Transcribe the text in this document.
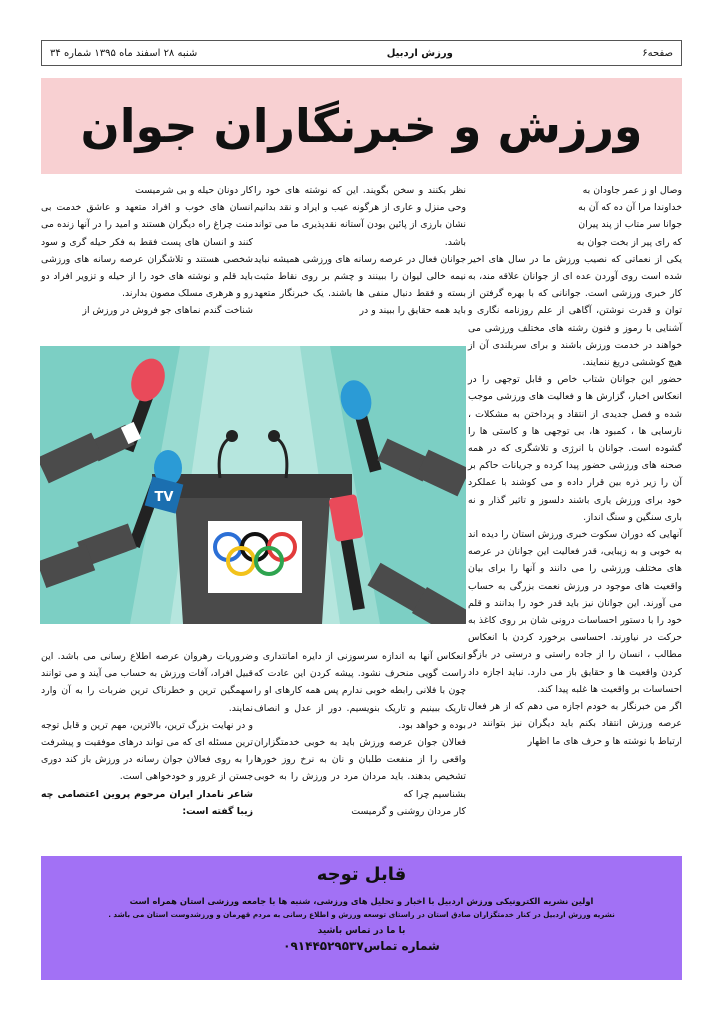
صفحه۶
ورزش اردبیل
شنبه ۲۸ اسفند ماه ۱۳۹۵ شماره ۳۴
ورزش و خبرنگاران جوان

وصال او ز عمر جاودان به

خداوندا مرا آن ده که آن به

جوانا سر متاب از پند پیران

که رای پیر از بخت جوان به

یکی از نعماتی که نصیب ورزش ما در سال های اخیر شده است روی آوردن عده ای از جوانان علاقه مند، به کار خبری ورزشی است. جوانانی که با بهره گرفتن از توان و قدرت نوشتن، آگاهی از علم روزنامه نگاری و آشنایی با رموز و فنون رشته های مختلف ورزشی می خواهند در خدمت ورزش باشند و برای سربلندی آن از هیچ کوششی دریغ ننمایند.

حضور این جوانان شتاب خاص و قابل توجهی را در انعکاس اخبار، گزارش ها و فعالیت های ورزشی موجب شده و فصل جدیدی از انتقاد و پرداختن به مشکلات ، نارسایی ها ، کمبود ها، بی توجهی ها و کاستی ها را گشوده است. جوانان با انرژی و تلاشگری که در همه صحنه های ورزشی حضور پیدا کرده و جریانات حاکم بر آن را زیر ذره بین قرار داده و می کوشند با عملکرد خود برای ورزش یاری باشند دلسوز و تاثیر گذار و نه باری سنگین و سنگ انداز.

آنهایی که دوران سکوت خبری ورزش استان را دیده اند به خوبی و به زیبایی، قدر فعالیت این جوانان در عرصه های مختلف ورزشی را می دانند و آنها را برای بیان واقعیت های موجود در ورزش نعمت بزرگی به حساب می آورند. این جوانان نیز باید قدر خود را بدانند و قلم خود را با دستور احساسات درونی شان بر روی کاغذ به حرکت در نیاورند. احساسی برخورد کردن با انعکاس مطالب ، انسان را از جاده راستی و درستی در بازگو کردن واقعیت ها و حقایق باز می دارد. نباید اجازه داد احساسات بر واقعیت ها غلبه پیدا کند.

اگر من خبرنگار به خودم اجازه می دهم که از هر فعال عرصه ورزش انتقاد بکنم باید دیگران نیز بتوانند در ارتباط با نوشته ها و حرف های ما اظهار

نظر بکنند و سخن بگویند. این که نوشته های خود را وحی منزل و عاری از هرگونه عیب و ایراد و نقد بدانیم نشان بارزی از پائین بودن آستانه نقدپذیری ما می تواند باشد.

جوانان فعال در عرصه رسانه های ورزشی همیشه نباید نیمه خالی لیوان را ببینند و چشم بر روی نقاط مثبت بسته و فقط دنبال منفی ها باشند. یک خبرنگار متعهد باید همه حقایق را ببیند و در

کار دونان حیله و بی شرمیست

انسان های خوب و افراد متعهد و عاشق خدمت بی منت چراغ راه دیگران هستند و امید را در آنها زنده می کنند و انسان های پست فقط به فکر حیله گری و سود شخصی هستند و تلاشگران عرصه رسانه های ورزشی باید قلم و نوشته های خود را از حیله و تزویر افراد دو رو و هرهری مسلک مصون بدارند.

شناخت گندم نماهای جو فروش در ورزش از

TV

انعکاس آنها به اندازه سرسوزنی از دایره امانتداری و راست گویی منحرف نشود. پیشه کردن این عادت که چون با فلانی رابطه خوبی ندارم پس همه کارهای او را تاریک ببینیم و تاریک بنویسیم. دور از عدل و انصاف بوده و خواهد بود.

فعالان جوان عرصه ورزش باید به خوبی خدمتگزاران واقعی را از منفعت طلبان و نان به نرخ روز خورها تشخیص بدهند. باید مردان مرد در ورزش را به خوبی بشناسیم چرا که

کار مردان روشنی و گرمیست

ضروریات رهروان عرصه اطلاع رسانی می باشد. این قبیل افراد، آفات ورزش به حساب می آیند و می توانند سهمگین ترین و خطرناک ترین ضربات را به آن وارد نمایند.

و در نهایت بزرگ ترین، بالاترین، مهم ترین و قابل توجه ترین مسئله ای که می تواند درهای موفقیت و پیشرفت را به روی فعالان جوان رسانه در ورزش باز کند دوری جستن از غرور و خودخواهی است.

شاعر نامدار ایران مرحوم پروین اعتصامی چه زیبا گفته است:

قابل توجه
اولین نشریه الکترونیکی ورزش اردبیل با اخبار و تحلیل های ورزشی، شنبه ها با جامعه ورزشی استان همراه است
نشریه ورزش اردبیل در کنار خدمتگزاران صادق استان در راستای توسعه ورزش و اطلاع رسانی به مردم قهرمان و ورزشدوست استان می باشد .
با ما در تماس باشید
شماره تماس۰۹۱۴۴۵۲۹۵۳۷
